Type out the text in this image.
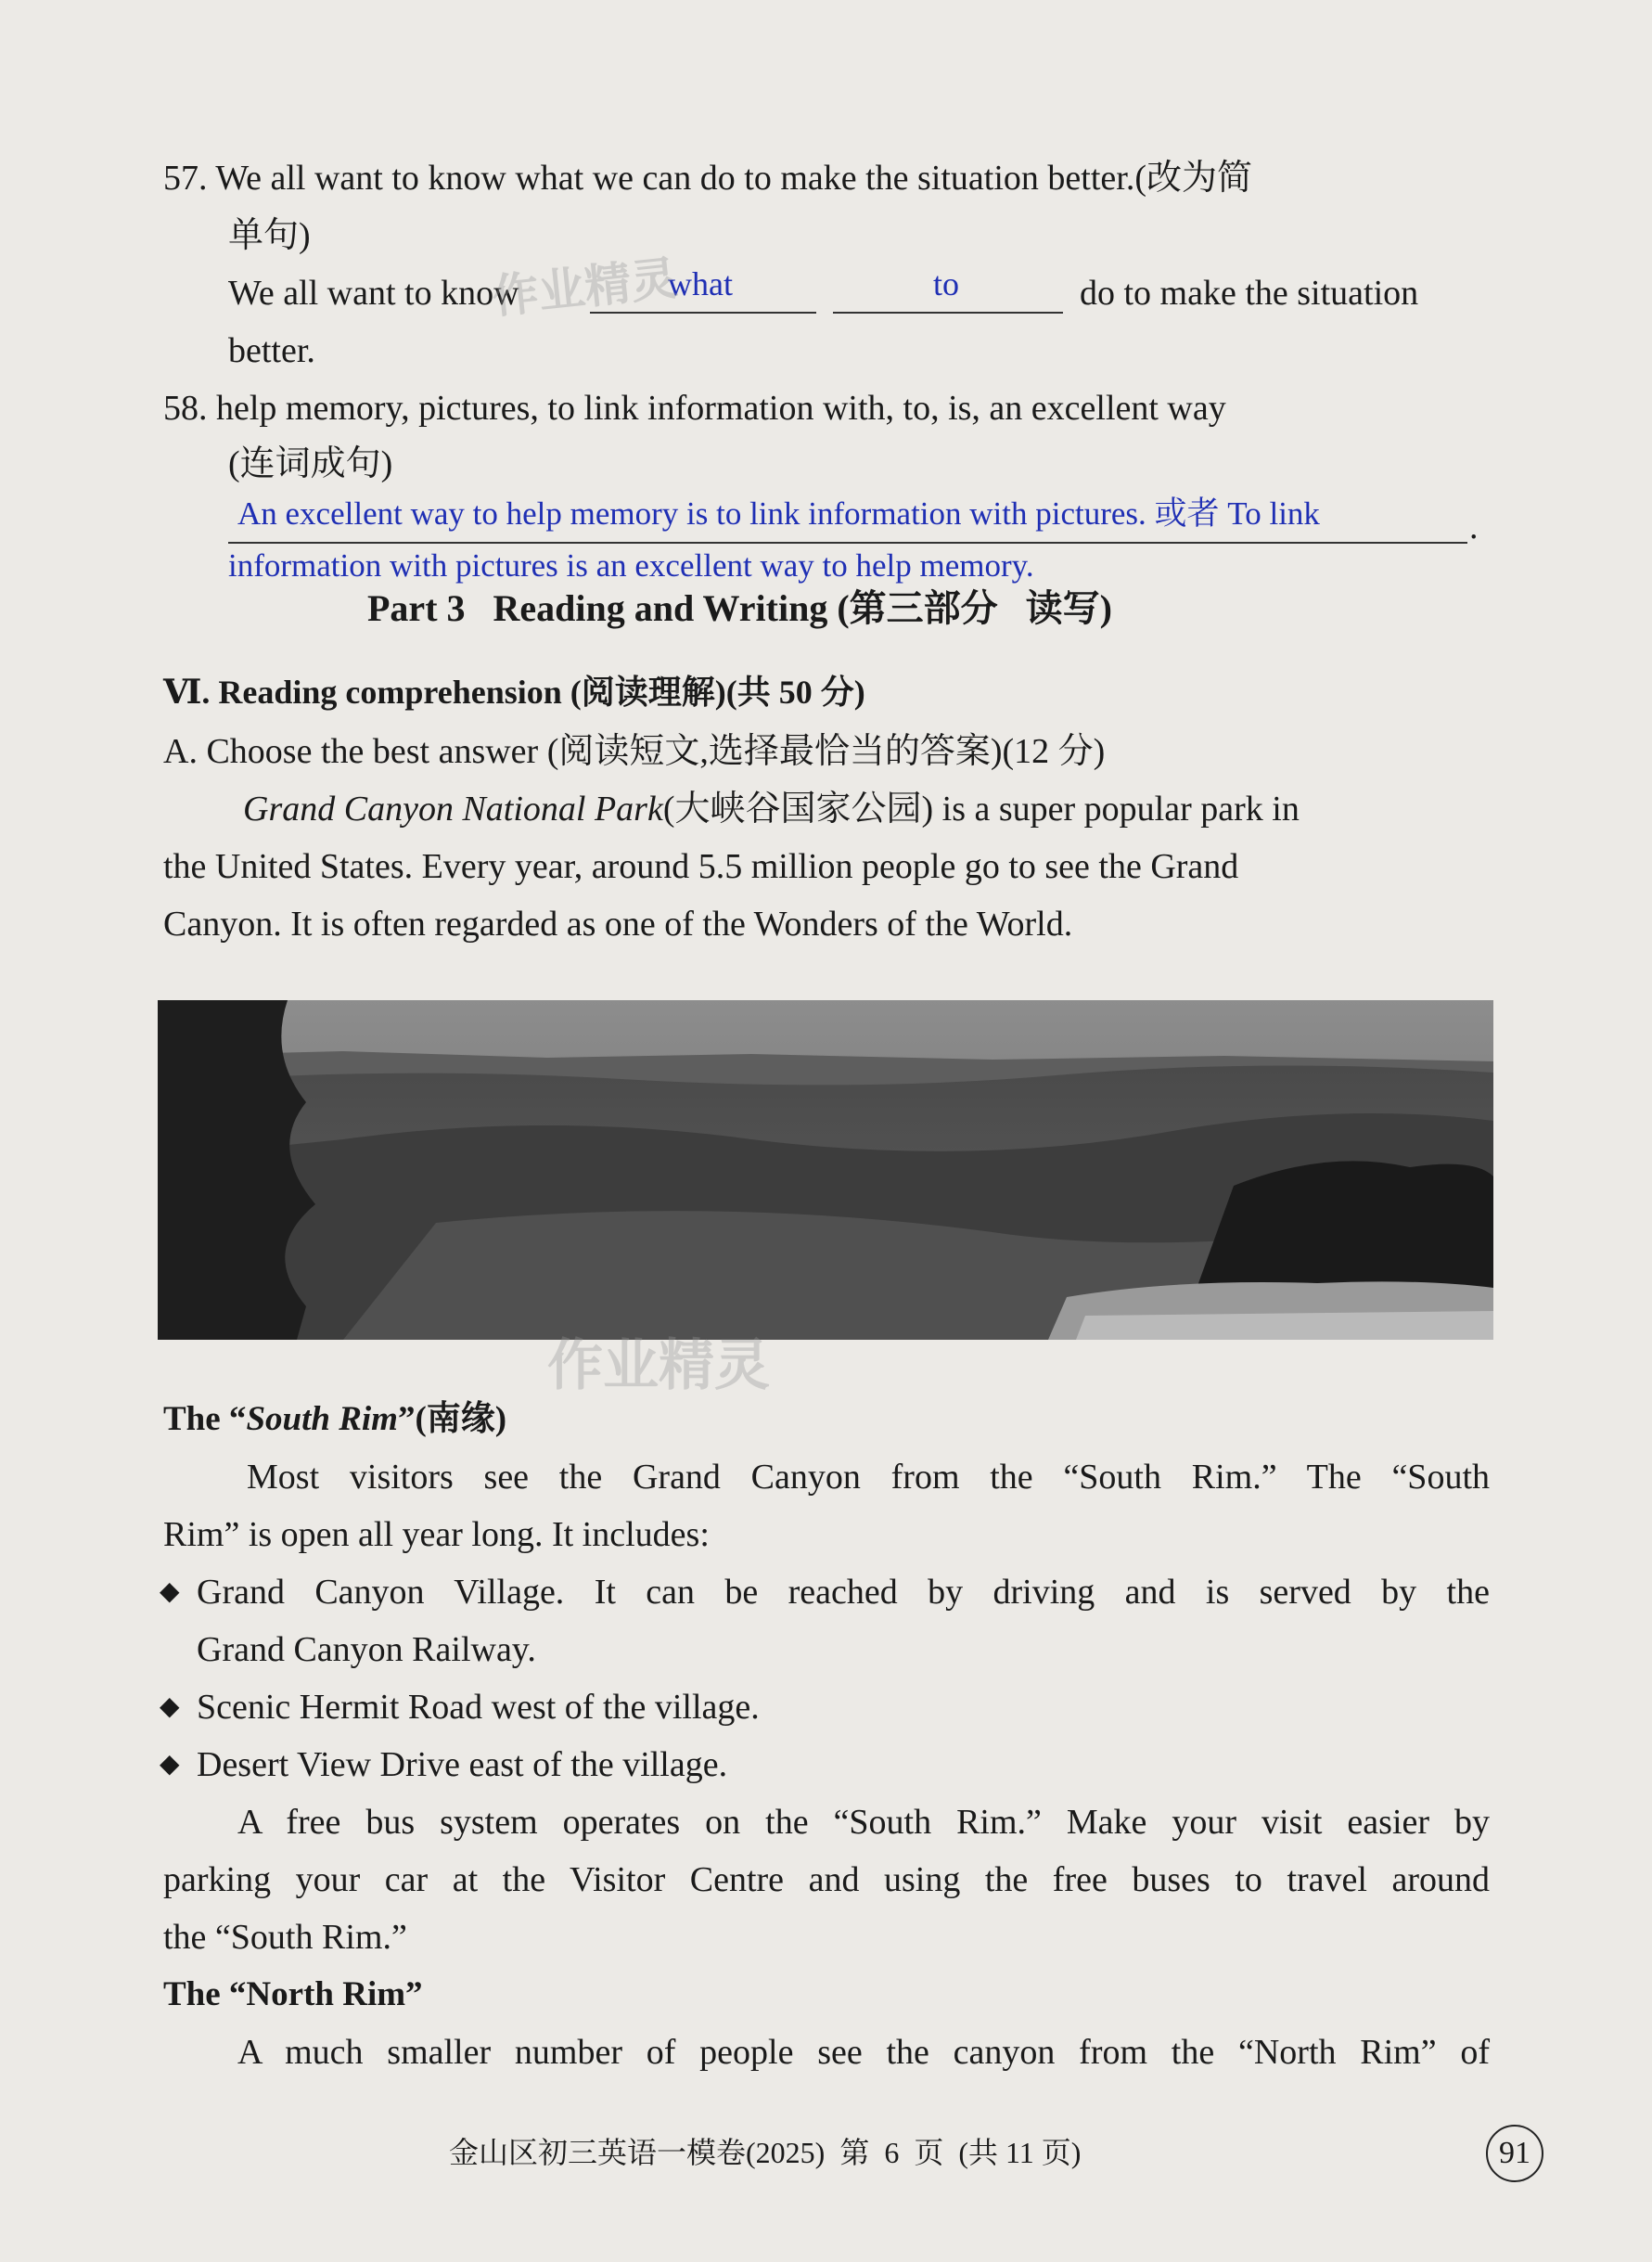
57. We all want to know what we can do to make the situation better.(改为简
单句)
We all want to know	what	to	do to make the situation
better.
58. help memory, pictures, to link information with, to, is, an excellent way
(连词成句)
An excellent way to help memory is to link information with pictures. 或者 To link	.
information with pictures is an excellent way to help memory.
Part 3   Reading and Writing (第三部分   读写)
Ⅵ. Reading comprehension (阅读理解)(共 50 分)
A. Choose the best answer (阅读短文,选择最恰当的答案)(12 分)
Grand Canyon National Park(大峡谷国家公园) is a super popular park in
the United States. Every year, around 5.5 million people go to see the Grand
Canyon. It is often regarded as one of the Wonders of the World.
作业精灵
作业精灵
The “South Rim”(南缘)
Most visitors see the Grand Canyon from the “South Rim.” The “South
Rim” is open all year long. It includes:
◆ Grand Canyon Village. It can be reached by driving and is served by the
Grand Canyon Railway.
◆ Scenic Hermit Road west of the village.
◆ Desert View Drive east of the village.
A free bus system operates on the “South Rim.” Make your visit easier by
parking your car at the Visitor Centre and using the free buses to travel around
the “South Rim.”
The “North Rim”
A much smaller number of people see the canyon from the “North Rim” of
金山区初三英语一模卷(2025)  第  6  页  (共 11 页)	91
